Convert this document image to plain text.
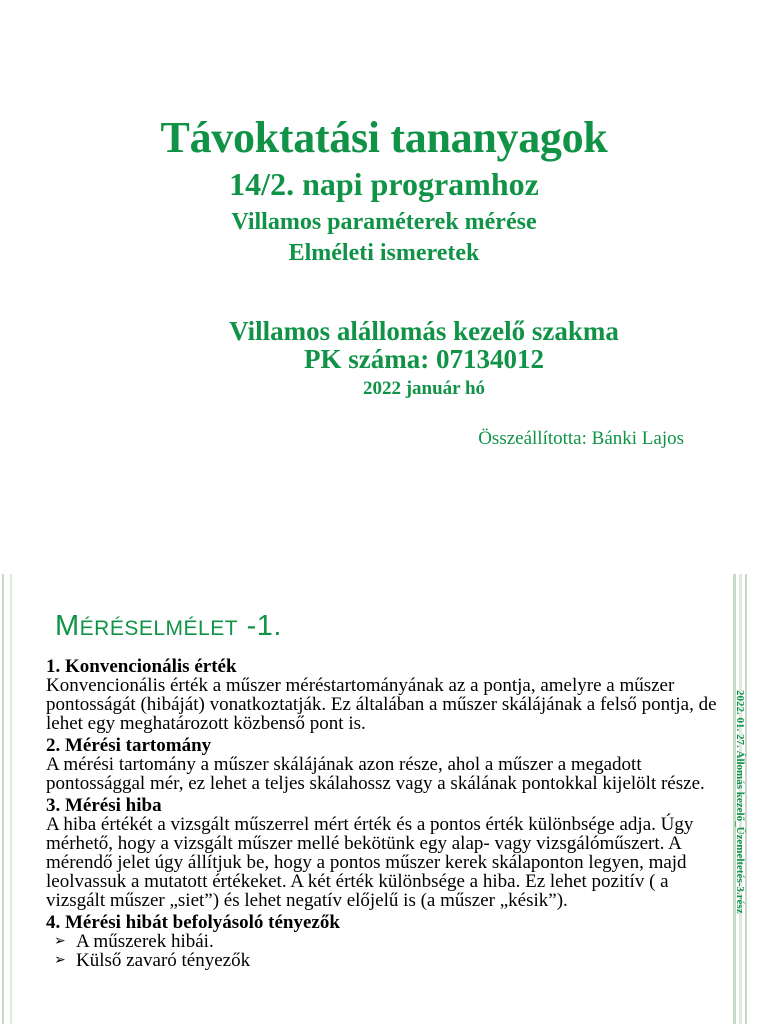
Távoktatási tananyagok
14/2. napi programhoz
Villamos paraméterek mérése
Elméleti ismeretek
Villamos alállomás kezelő szakma
PK száma: 07134012
2022 január hó
Összeállította: Bánki Lajos
2022. 01. 27. Állomás kezelő_Üzemeltetés-3.rész
MÉRÉSELMÉLET -1.
1. Konvencionális érték
Konvencionális érték a műszer méréstartományának az a pontja, amelyre a műszer pontosságát (hibáját) vonatkoztatják. Ez általában a műszer skálájának a felső pontja, de lehet egy meghatározott közbenső pont is.
2. Mérési tartomány
A mérési tartomány a műszer skálájának azon része, ahol a műszer a megadott pontossággal mér, ez lehet a teljes skálahossz vagy a skálának pontokkal kijelölt része.
3. Mérési hiba
A hiba értékét a vizsgált műszerrel mért érték és a pontos érték különbsége adja. Úgy mérhető, hogy a vizsgált műszer mellé bekötünk egy alap- vagy vizsgálóműszert. A mérendő jelet úgy állítjuk be, hogy a pontos műszer kerek skálaponton legyen, majd leolvassuk a mutatott értékeket. A két érték különbsége a hiba. Ez lehet pozitív ( a vizsgált műszer „siet”) és lehet negatív előjelű is (a műszer „késik”).
4. Mérési hibát befolyásoló tényezők
➢ A műszerek hibái.
➢ Külső zavaró tényezők
